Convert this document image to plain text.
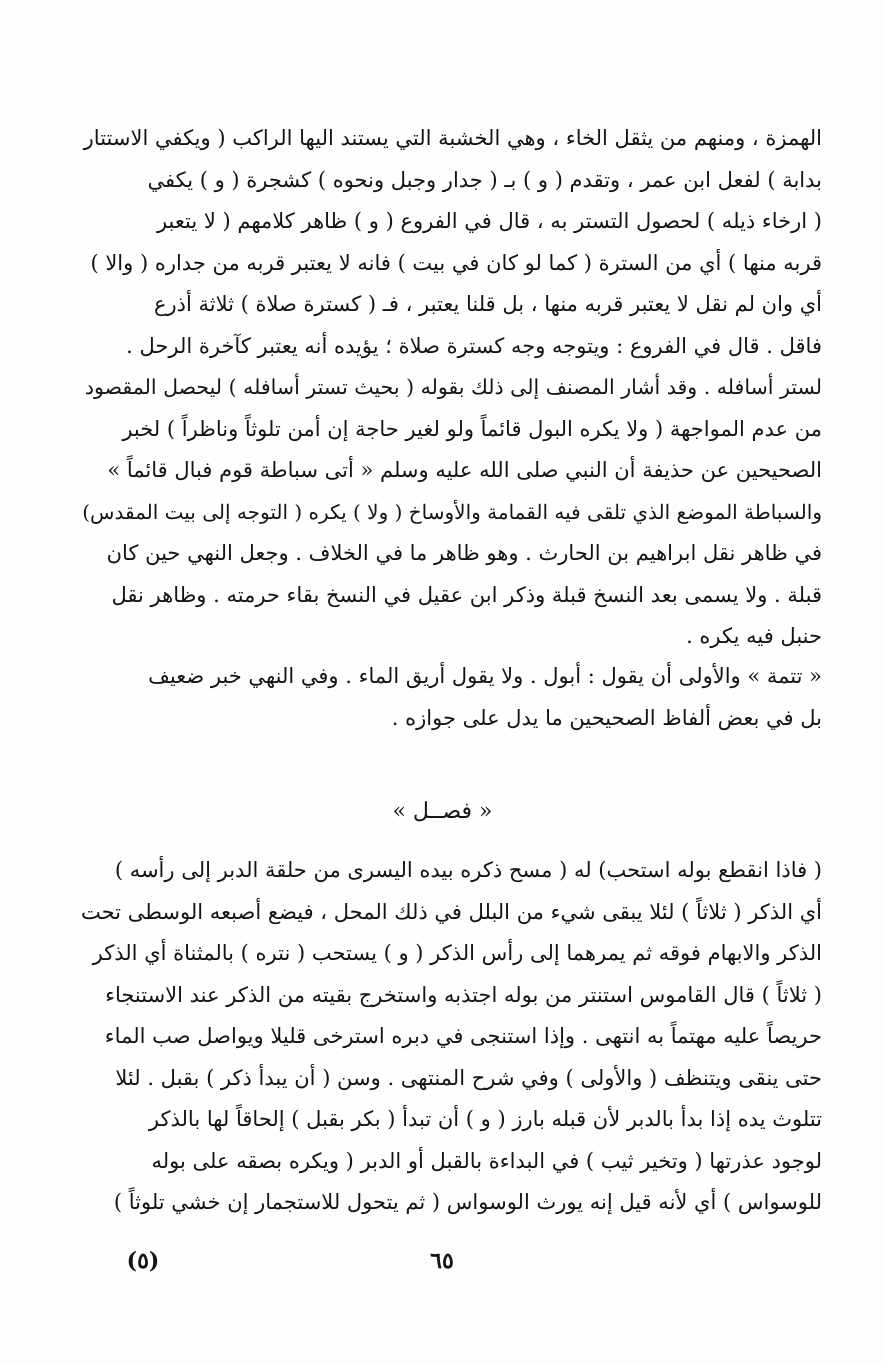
الهمزة ، ومنهم من يثقل الخاء ، وهي الخشبة التي يستند اليها الراكب ( ويكفي الاستتار
بدابة ) لفعل ابن عمر ، وتقدم ( و ) بـ ( جدار وجبل ونحوه ) كشجرة ( و ) يكفي
( ارخاء ذيله ) لحصول التستر به ، قال في الفروع ( و ) ظاهر كلامهم ( لا يتعبر
قربه منها ) أي من السترة ( كما لو كان في بيت ) فانه لا يعتبر قربه من جداره ( والا )
أي وان لم نقل لا يعتبر قربه منها ، بل قلنا يعتبر ، فـ ( كسترة صلاة ) ثلاثة أذرع
فاقل . قال في الفروع : ويتوجه وجه كسترة صلاة ؛ يؤيده أنه يعتبر كآخرة الرحل .
لستر أسافله . وقد أشار المصنف إلى ذلك بقوله ( بحيث تستر أسافله ) ليحصل المقصود
من عدم المواجهة ( ولا يكره البول قائماً ولو لغير حاجة إن أمن تلوثاً وناظراً ) لخبر
الصحيحين عن حذيفة أن النبي صلى الله عليه وسلم « أتى سباطة قوم فبال قائماً »
والسباطة الموضع الذي تلقى فيه القمامة والأوساخ ( ولا ) يكره ( التوجه إلى بيت المقدس)
في ظاهر نقل ابراهيم بن الحارث . وهو ظاهر ما في الخلاف . وجعل النهي حين كان
قبلة . ولا يسمى بعد النسخ قبلة وذكر ابن عقيل في النسخ بقاء حرمته . وظاهر نقل
حنبل فيه يكره .
« تتمة » والأولى أن يقول : أبول . ولا يقول أريق الماء . وفي النهي خبر ضعيف
بل في بعض ألفاظ الصحيحين ما يدل على جوازه .
« فصــل »
( فاذا انقطع بوله استحب) له ( مسح ذكره بيده اليسرى من حلقة الدبر إلى رأسه )
أي الذكر ( ثلاثاً ) لئلا يبقى شيء من البلل في ذلك المحل ، فيضع أصبعه الوسطى تحت
الذكر والابهام فوقه ثم يمرهما إلى رأس الذكر ( و ) يستحب ( نتره ) بالمثناة أي الذكر
( ثلاثاً ) قال القاموس استنتر من بوله اجتذبه واستخرج بقيته من الذكر عند الاستنجاء
حريصاً عليه مهتماً به انتهى . وإذا استنجى في دبره استرخى قليلا ويواصل صب الماء
حتى ينقى ويتنظف ( والأولى ) وفي شرح المنتهى . وسن ( أن يبدأ ذكر ) بقبل . لئلا
تتلوث يده إذا بدأ بالدبر لأن قبله بارز ( و ) أن تبدأ ( بكر بقبل ) إلحاقاً لها بالذكر
لوجود عذرتها ( وتخير ثيب ) في البداءة بالقبل أو الدبر ( ويكره بصقه على بوله
للوسواس ) أي لأنه قيل إنه يورث الوسواس ( ثم يتحول للاستجمار إن خشي تلوثاً )
٦٥
(٥)
